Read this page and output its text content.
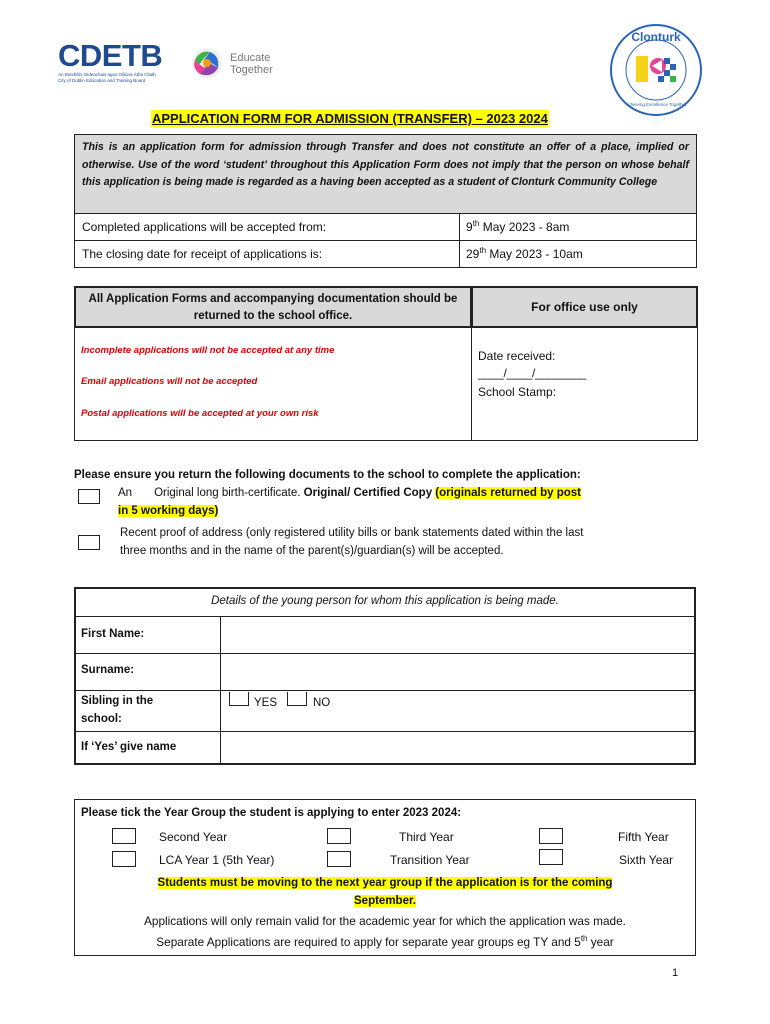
CDETB
An tSeirbhís Oideachais agus Oiliúna Átha Cliath
City of Dublin Education and Training Board
Educate
Together
Clonturk
Achieving Excellence Together
APPLICATION FORM FOR ADMISSION (TRANSFER) – 2023 2024
This is an application form for admission through Transfer and does not constitute an offer of a place, implied or otherwise. Use of the word ‘student’ throughout this Application Form does not imply that the person on whose behalf this application is being made is regarded as a having been accepted as a student of Clonturk Community College
Completed applications will be accepted from:	9th May 2023 - 8am
The closing date for receipt of applications is:	29th May 2023 - 10am
All Application Forms and accompanying documentation should be returned to the school office.
Incomplete applications will not be accepted at any time
Email applications will not be accepted
Postal applications will be accepted at your own risk
For office use only
Date received:
____/____/________
School Stamp:
Please ensure you return the following documents to the school to complete the application:
An Original long birth-certificate. Original/ Certified Copy (originals returned by post
in 5 working days)
Recent proof of address (only registered utility bills or bank statements dated within the last
three months and in the name of the parent(s)/guardian(s) will be accepted.
Details of the young person for whom this application is being made.
First Name:
Surname:
Sibling in the
school:
YES	NO
If ‘Yes’ give name
Please tick the Year Group the student is applying to enter 2023 2024:
Second Year	Third Year	Fifth Year
LCA Year 1 (5th Year)	Transition Year	Sixth Year
Students must be moving to the next year group if the application is for the coming
September.
Applications will only remain valid for the academic year for which the application was made.
Separate Applications are required to apply for separate year groups eg TY and 5th year
1
